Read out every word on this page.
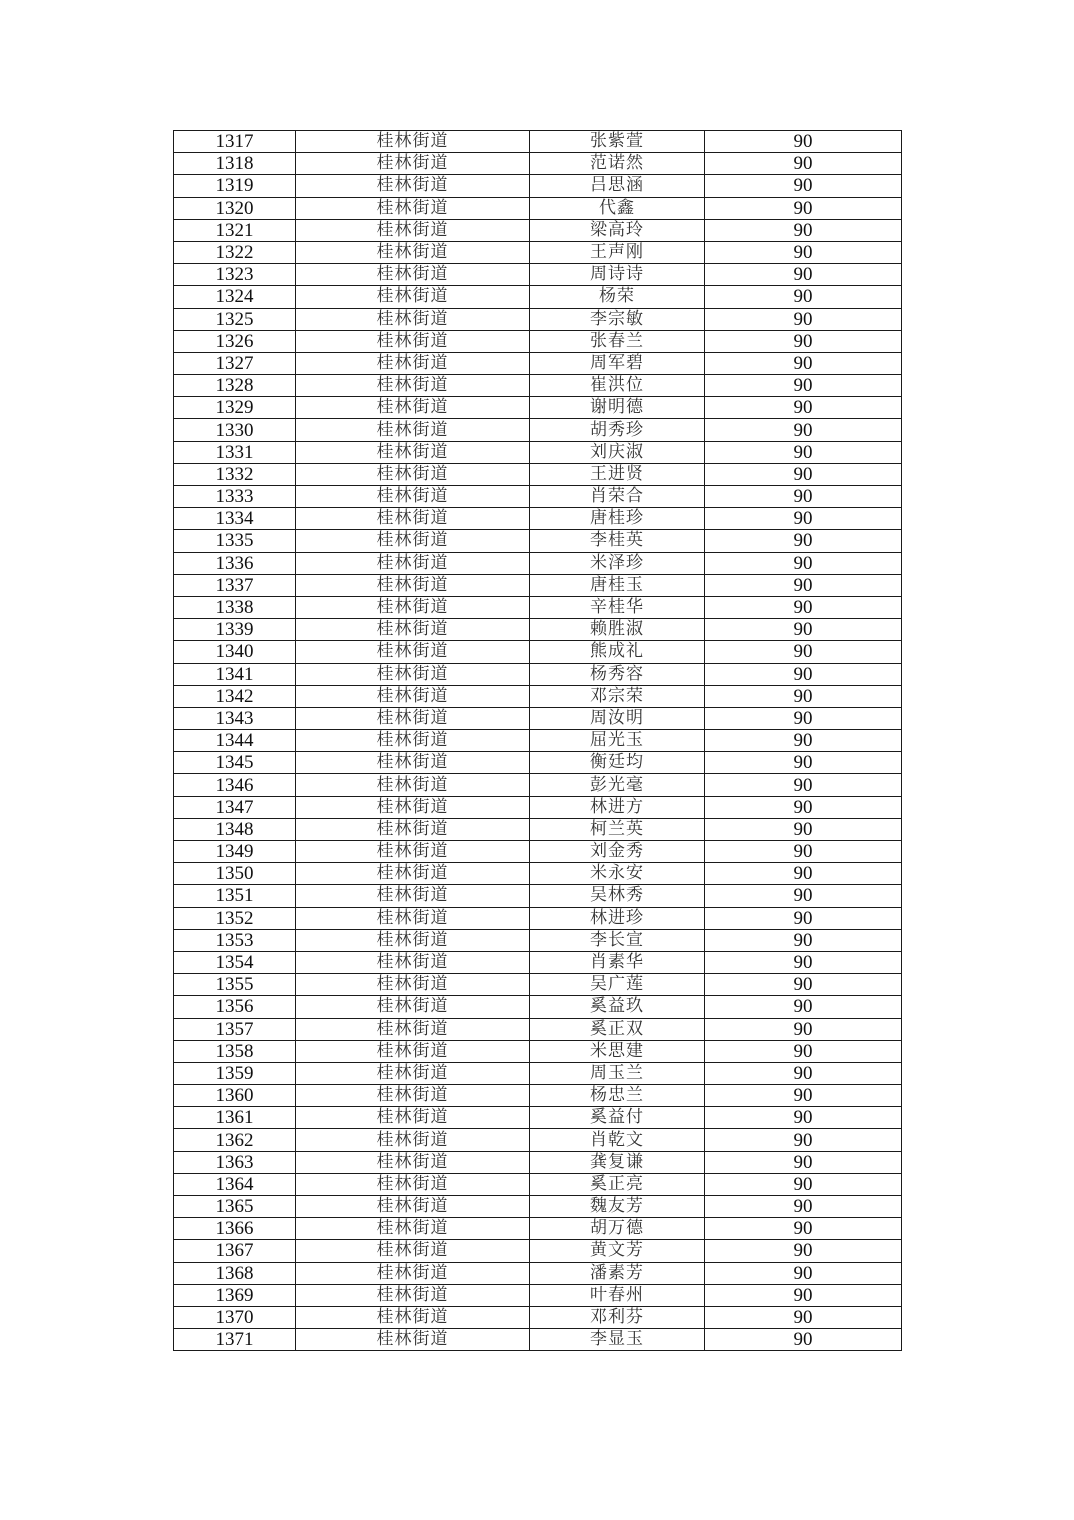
1317	桂林街道	张紫萱	90
1318	桂林街道	范诺然	90
1319	桂林街道	吕思涵	90
1320	桂林街道	代鑫	90
1321	桂林街道	梁高玲	90
1322	桂林街道	王声刚	90
1323	桂林街道	周诗诗	90
1324	桂林街道	杨荣	90
1325	桂林街道	李宗敏	90
1326	桂林街道	张春兰	90
1327	桂林街道	周军碧	90
1328	桂林街道	崔洪位	90
1329	桂林街道	谢明德	90
1330	桂林街道	胡秀珍	90
1331	桂林街道	刘庆淑	90
1332	桂林街道	王进贤	90
1333	桂林街道	肖荣合	90
1334	桂林街道	唐桂珍	90
1335	桂林街道	李桂英	90
1336	桂林街道	米泽珍	90
1337	桂林街道	唐桂玉	90
1338	桂林街道	辛桂华	90
1339	桂林街道	赖胜淑	90
1340	桂林街道	熊成礼	90
1341	桂林街道	杨秀容	90
1342	桂林街道	邓宗荣	90
1343	桂林街道	周汝明	90
1344	桂林街道	屈光玉	90
1345	桂林街道	衡廷均	90
1346	桂林街道	彭光毫	90
1347	桂林街道	林进方	90
1348	桂林街道	柯兰英	90
1349	桂林街道	刘金秀	90
1350	桂林街道	米永安	90
1351	桂林街道	吴林秀	90
1352	桂林街道	林进珍	90
1353	桂林街道	李长宣	90
1354	桂林街道	肖素华	90
1355	桂林街道	吴广莲	90
1356	桂林街道	奚益玖	90
1357	桂林街道	奚正双	90
1358	桂林街道	米思建	90
1359	桂林街道	周玉兰	90
1360	桂林街道	杨忠兰	90
1361	桂林街道	奚益付	90
1362	桂林街道	肖乾文	90
1363	桂林街道	龚复谦	90
1364	桂林街道	奚正亮	90
1365	桂林街道	魏友芳	90
1366	桂林街道	胡万德	90
1367	桂林街道	黄文芳	90
1368	桂林街道	潘素芳	90
1369	桂林街道	叶春州	90
1370	桂林街道	邓利芬	90
1371	桂林街道	李显玉	90
